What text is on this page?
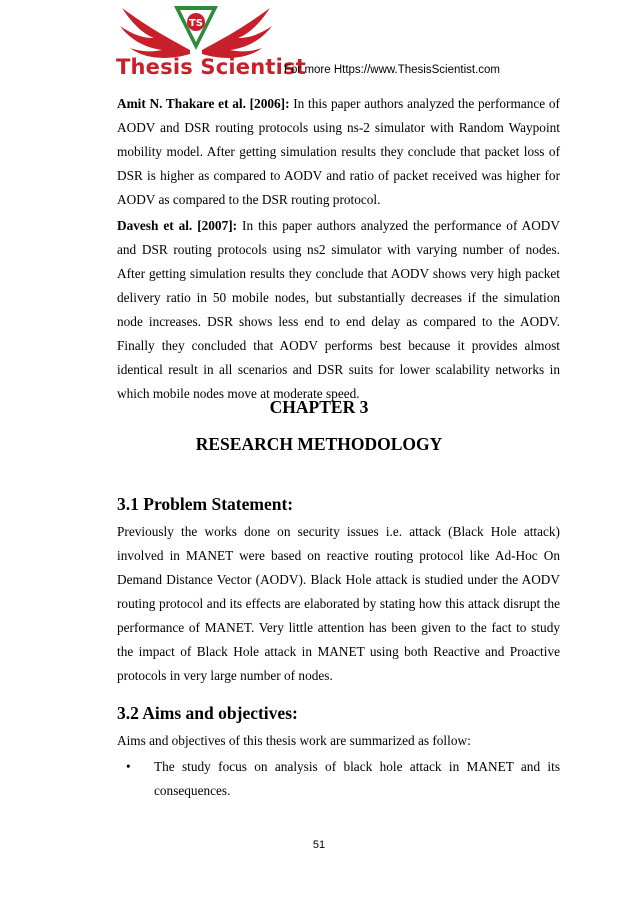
TS
Thesis Scientist
For more Https://www.ThesisScientist.com

Amit N. Thakare et al. [2006]: In this paper authors analyzed the performance of AODV and DSR routing protocols using ns-2 simulator with Random Waypoint mobility model. After getting simulation results they conclude that packet loss of DSR is higher as compared to AODV and ratio of packet received was higher for AODV as compared to the DSR routing protocol.

Davesh et al. [2007]: In this paper authors analyzed the performance of AODV and DSR routing protocols using ns2 simulator with varying number of nodes. After getting simulation results they conclude that AODV shows very high packet delivery ratio in 50 mobile nodes, but substantially decreases if the simulation node increases. DSR shows less end to end delay as compared to the AODV. Finally they concluded that AODV performs best because it provides almost identical result in all scenarios and DSR suits for lower scalability networks in which mobile nodes move at moderate speed.

CHAPTER 3
RESEARCH METHODOLOGY
3.1 Problem Statement:

Previously the works done on security issues i.e. attack (Black Hole attack) involved in MANET were based on reactive routing protocol like Ad-Hoc On Demand Distance Vector (AODV). Black Hole attack is studied under the AODV routing protocol and its effects are elaborated by stating how this attack disrupt the performance of MANET. Very little attention has been given to the fact to study the impact of Black Hole attack in MANET using both Reactive and Proactive protocols in very large number of nodes.

3.2 Aims and objectives:

Aims and objectives of this thesis work are summarized as follow:

• The study focus on analysis of black hole attack in MANET and its consequences.

51
